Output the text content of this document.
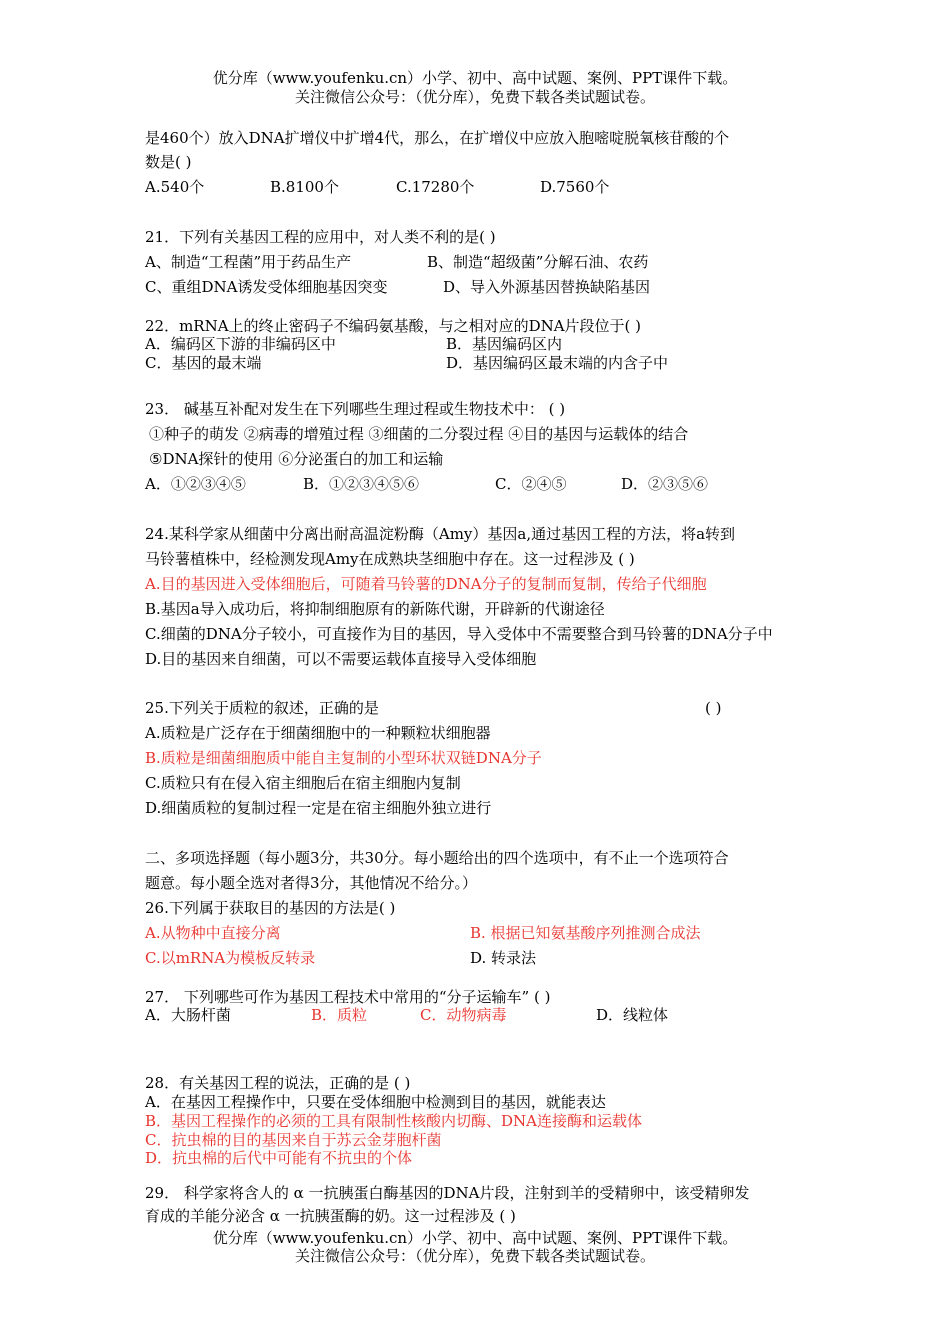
优分库（www.youfenku.cn）小学、初中、高中试题、案例、PPT课件下载。
关注微信公众号：（优分库），免费下载各类试题试卷。
是460个）放入DNA扩增仪中扩增4代，那么，在扩增仪中应放入胞嘧啶脱氧核苷酸的个
数是( )
A.540个	B.8100个	C.17280个	D.7560个
21．下列有关基因工程的应用中，对人类不利的是( )
A、制造“工程菌”用于药品生产	B、制造“超级菌”分解石油、农药
C、重组DNA诱发受体细胞基因突变	D、导入外源基因替换缺陷基因
22．mRNA上的终止密码子不编码氨基酸，与之相对应的DNA片段位于( )
A．编码区下游的非编码区中	B．基因编码区内
C．基因的最末端	D．基因编码区最末端的内含子中
23． 碱基互补配对发生在下列哪些生理过程或生物技术中： ( )
①种子的萌发 ②病毒的增殖过程 ③细菌的二分裂过程 ④目的基因与运载体的结合
⑤DNA探针的使用 ⑥分泌蛋白的加工和运输
A．①②③④⑤	B．①②③④⑤⑥	C．②④⑤	D．②③⑤⑥
24.某科学家从细菌中分离出耐高温淀粉酶（Amy）基因a,通过基因工程的方法，将a转到
马铃薯植株中，经检测发现Amy在成熟块茎细胞中存在。这一过程涉及 ( )
A.目的基因进入受体细胞后，可随着马铃薯的DNA分子的复制而复制，传给子代细胞
B.基因a导入成功后，将抑制细胞原有的新陈代谢，开辟新的代谢途径
C.细菌的DNA分子较小，可直接作为目的基因，导入受体中不需要整合到马铃薯的DNA分子中
D.目的基因来自细菌，可以不需要运载体直接导入受体细胞
25.下列关于质粒的叙述，正确的是	( )
A.质粒是广泛存在于细菌细胞中的一种颗粒状细胞器
B.质粒是细菌细胞质中能自主复制的小型环状双链DNA分子
C.质粒只有在侵入宿主细胞后在宿主细胞内复制
D.细菌质粒的复制过程一定是在宿主细胞外独立进行
二、多项选择题（每小题3分，共30分。每小题给出的四个选项中，有不止一个选项符合
题意。每小题全选对者得3分，其他情况不给分。）
26.下列属于获取目的基因的方法是( )
A.从物种中直接分离	B. 根据已知氨基酸序列推测合成法
C.以mRNA为模板反转录	D. 转录法
27． 下列哪些可作为基因工程技术中常用的“分子运输车” ( )
A．大肠杆菌	B．质粒	C．动物病毒	D．线粒体
28．有关基因工程的说法，正确的是 ( )
A．在基因工程操作中，只要在受体细胞中检测到目的基因，就能表达
B．基因工程操作的必须的工具有限制性核酸内切酶、DNA连接酶和运载体
C．抗虫棉的目的基因来自于苏云金芽胞杆菌
D．抗虫棉的后代中可能有不抗虫的个体
29． 科学家将含人的 α 一抗胰蛋白酶基因的DNA片段，注射到羊的受精卵中，该受精卵发
育成的羊能分泌含 α 一抗胰蛋酶的奶。这一过程涉及 ( )
优分库（www.youfenku.cn）小学、初中、高中试题、案例、PPT课件下载。
关注微信公众号：（优分库），免费下载各类试题试卷。
